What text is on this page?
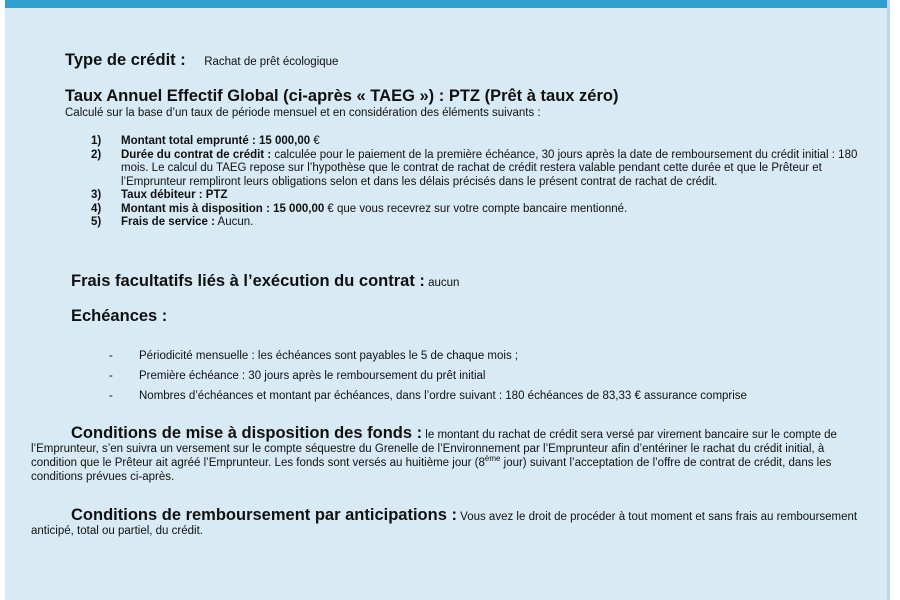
Type de crédit : Rachat de prêt écologique
Taux Annuel Effectif Global (ci-après « TAEG ») : PTZ (Prêt à taux zéro)
Calculé sur la base d’un taux de période mensuel et en considération des éléments suivants :
1) Montant total emprunté : 15 000,00 €
2) Durée du contrat de crédit : calculée pour le paiement de la première échéance, 30 jours après la date de remboursement du crédit initial : 180 mois. Le calcul du TAEG repose sur l’hypothèse que le contrat de rachat de crédit restera valable pendant cette durée et que le Prêteur et l’Emprunteur rempliront leurs obligations selon et dans les délais précisés dans le présent contrat de rachat de crédit.
3) Taux débiteur : PTZ
4) Montant mis à disposition : 15 000,00 € que vous recevrez sur votre compte bancaire mentionné.
5) Frais de service : Aucun.
Frais facultatifs liés à l’exécution du contrat : aucun
Echéances :
- Périodicité mensuelle : les échéances sont payables le 5 de chaque mois ;
- Première échéance : 30 jours après le remboursement du prêt initial
- Nombres d’échéances et montant par échéances, dans l’ordre suivant : 180 échéances de 83,33 € assurance comprise
Conditions de mise à disposition des fonds : le montant du rachat de crédit sera versé par virement bancaire sur le compte de l’Emprunteur, s’en suivra un versement sur le compte séquestre du Grenelle de l’Environnement par l’Emprunteur afin d’entériner le rachat du crédit initial, à condition que le Prêteur ait agréé l’Emprunteur. Les fonds sont versés au huitième jour (8ème jour) suivant l’acceptation de l’offre de contrat de crédit, dans les conditions prévues ci-après.
Conditions de remboursement par anticipations : Vous avez le droit de procéder à tout moment et sans frais au remboursement anticipé, total ou partiel, du crédit.
